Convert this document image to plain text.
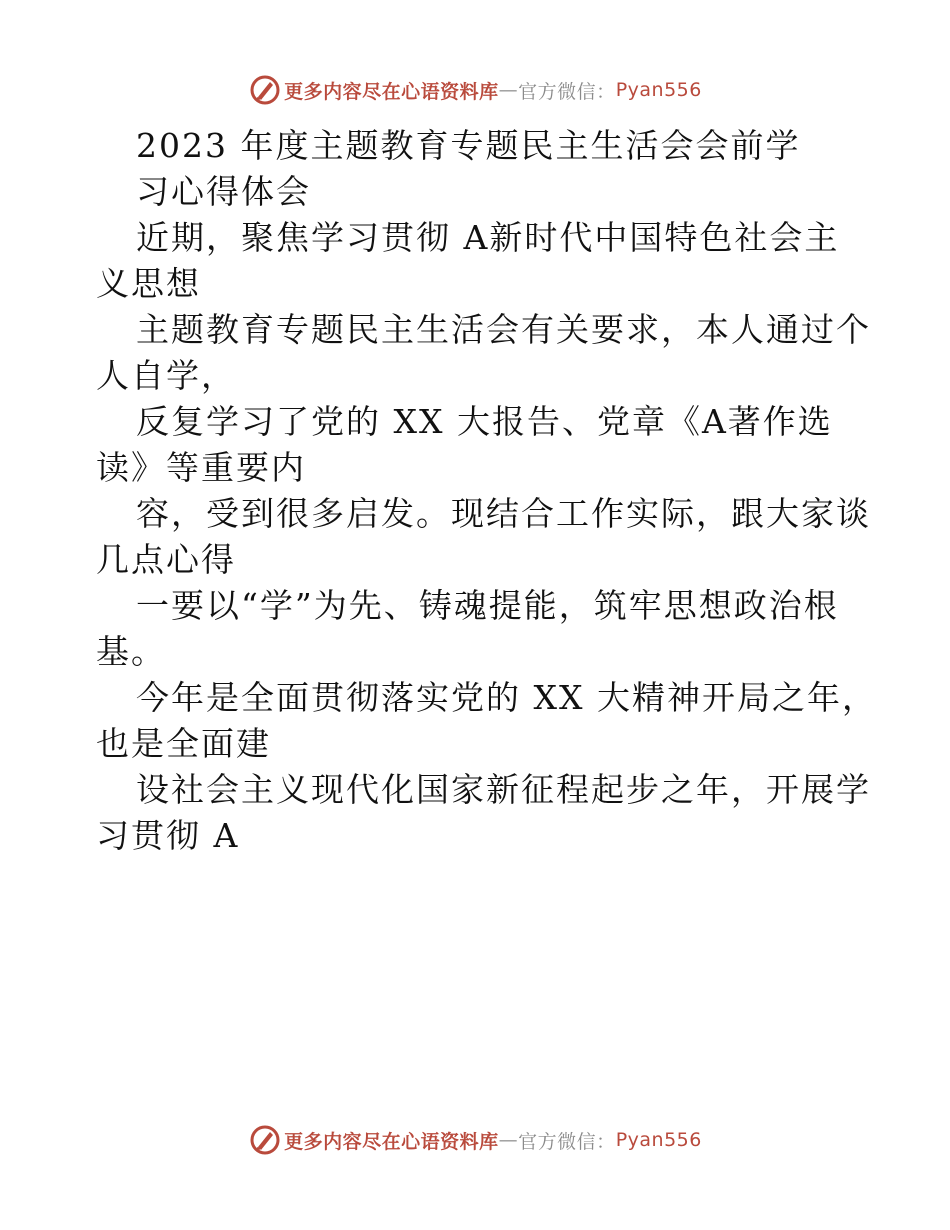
更多内容尽在心语资料库 — 官方微信： Pyan556

2023 年度主题教育专题民主生活会会前学

习心得体会

近期，聚焦学习贯彻 A新时代中国特色社会主

义思想

主题教育专题民主生活会有关要求，本人通过个

人自学，

反复学习了党的 XX 大报告、党章《A著作选

读》等重要内

容，受到很多启发。现结合工作实际，跟大家谈

几点心得

一要以“学”为先、铸魂提能，筑牢思想政治根

基。

今年是全面贯彻落实党的 XX 大精神开局之年，

也是全面建

设社会主义现代化国家新征程起步之年，开展学

习贯彻 A

更多内容尽在心语资料库 — 官方微信： Pyan556
